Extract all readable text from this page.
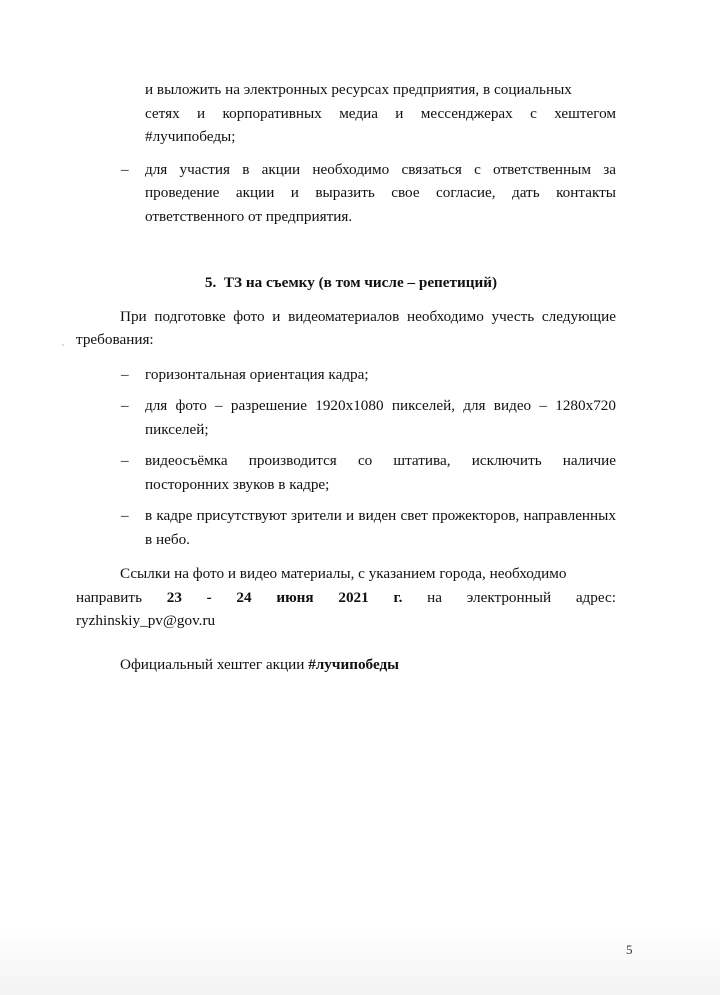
и выложить на электронных ресурсах предприятия, в социальных
сетях и корпоративных медиа и мессенджерах с хештегом
#лучипобеды;
– для участия в акции необходимо связаться с ответственным за проведение акции и выразить свое согласие, дать контакты ответственного от предприятия.
5. ТЗ на съемку (в том числе – репетиций)

При подготовке фото и видеоматериалов необходимо учесть следующие требования:

– горизонтальная ориентация кадра;
– для фото – разрешение 1920x1080 пикселей, для видео – 1280x720 пикселей;
– видеосъёмка производится со штатива, исключить наличие посторонних звуков в кадре;
– в кадре присутствуют зрители и виден свет прожекторов, направленных в небо.
Ссылки на фото и видео материалы, с указанием города, необходимо
направить 23 - 24 июня 2021 г. на электронный адрес:
ryzhinskiy_pv@gov.ru

Официальный хештег акции #лучипобеды

5
